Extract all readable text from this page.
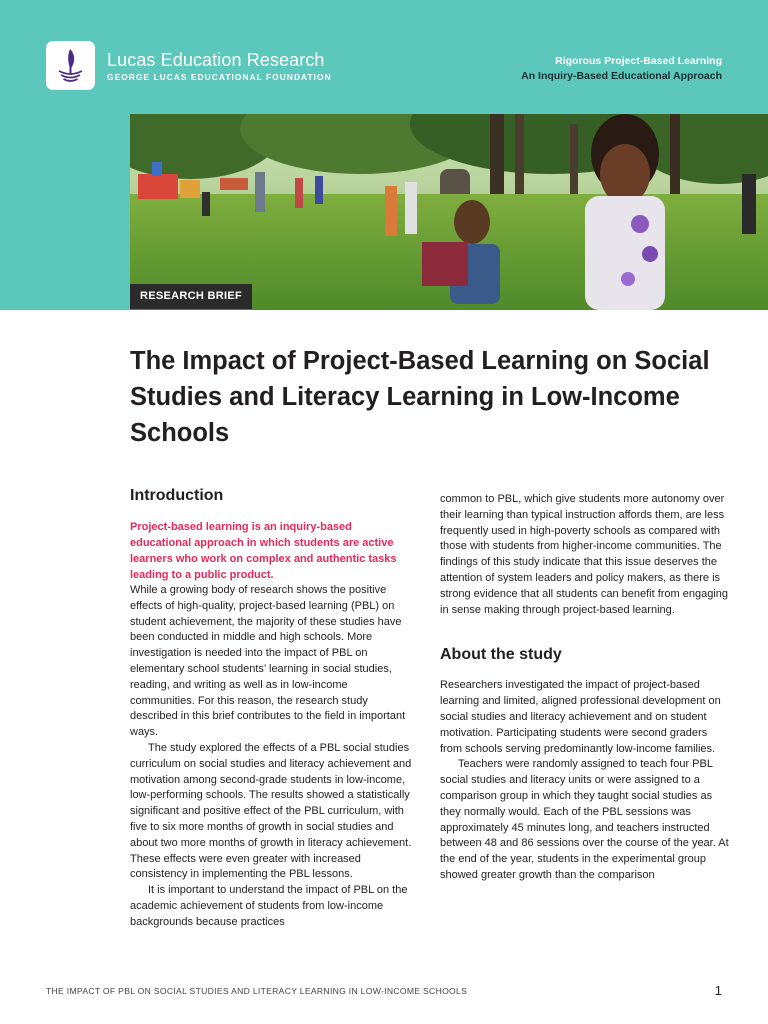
Lucas Education Research
GEORGE LUCAS EDUCATIONAL FOUNDATION
Rigorous Project-Based Learning
An Inquiry-Based Educational Approach
RESEARCH BRIEF
The Impact of Project-Based Learning on Social Studies and Literacy Learning in Low-Income Schools
Introduction

Project-based learning is an inquiry-based educational approach in which students are active learners who work on complex and authentic tasks leading to a public product.

While a growing body of research shows the positive effects of high-quality, project-based learning (PBL) on student achievement, the majority of these studies have been conducted in middle and high schools. More investigation is needed into the impact of PBL on elementary school students’ learning in social studies, reading, and writing as well as in low-income communities. For this reason, the research study described in this brief contributes to the field in important ways.

The study explored the effects of a PBL social studies curriculum on social studies and literacy achievement and motivation among second-grade students in low-income, low-performing schools. The results showed a statistically significant and positive effect of the PBL curriculum, with five to six more months of growth in social studies and about two more months of growth in literacy achievement. These effects were even greater with increased consistency in implementing the PBL lessons.

It is important to understand the impact of PBL on the academic achievement of students from low-income backgrounds because practices

common to PBL, which give students more autonomy over their learning than typical instruction affords them, are less frequently used in high-poverty schools as compared with those with students from higher-income communities. The findings of this study indicate that this issue deserves the attention of system leaders and policy makers, as there is strong evidence that all students can benefit from engaging in sense making through project-based learning.

About the study

Researchers investigated the impact of project-based learning and limited, aligned professional development on social studies and literacy achievement and on student motivation. Participating students were second graders from schools serving predominantly low-income families.

Teachers were randomly assigned to teach four PBL social studies and literacy units or were assigned to a comparison group in which they taught social studies as they normally would. Each of the PBL sessions was approximately 45 minutes long, and teachers instructed between 48 and 86 sessions over the course of the year. At the end of the year, students in the experimental group showed greater growth than the comparison

THE IMPACT OF PBL ON SOCIAL STUDIES AND LITERACY LEARNING IN LOW-INCOME SCHOOLS	1
